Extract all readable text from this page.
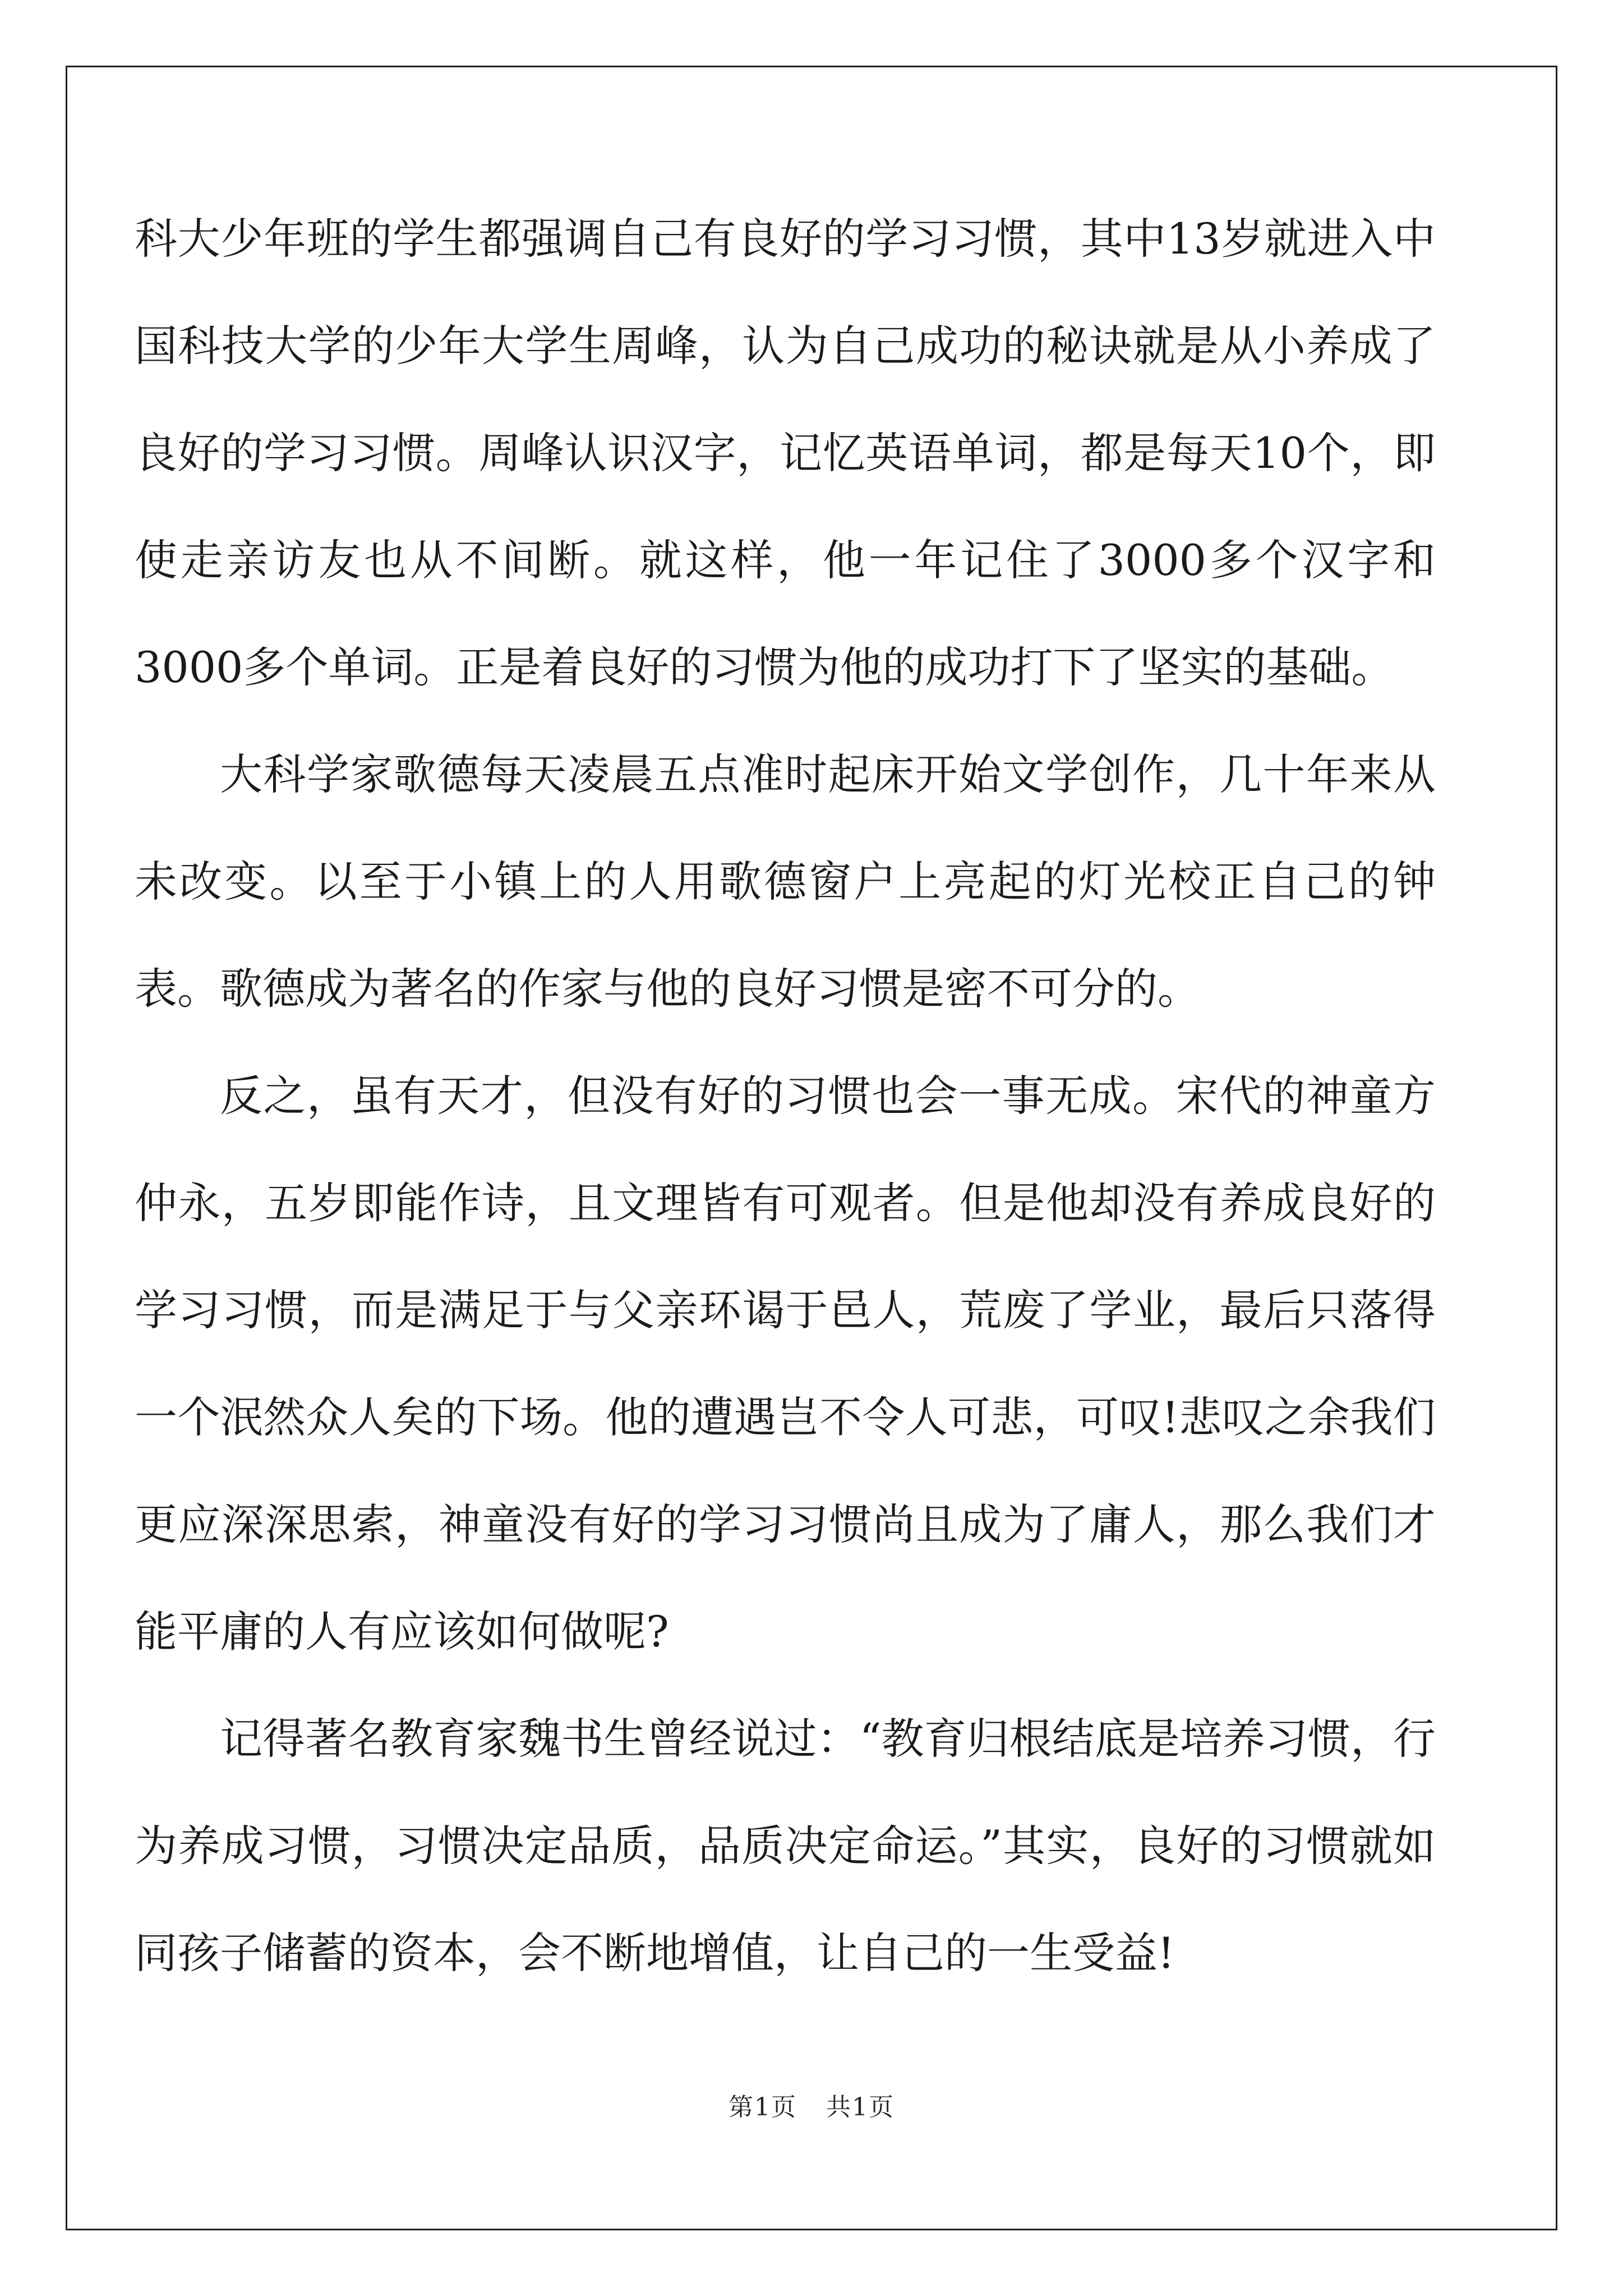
科大少年班的学生都强调自己有良好的学习习惯，其中13岁就进入中国科技大学的少年大学生周峰，认为自己成功的秘诀就是从小养成了良好的学习习惯。周峰认识汉字，记忆英语单词，都是每天10个，即使走亲访友也从不间断。就这样，他一年记住了3000多个汉字和3000多个单词。正是着良好的习惯为他的成功打下了坚实的基础。

大科学家歌德每天凌晨五点准时起床开始文学创作，几十年来从未改变。以至于小镇上的人用歌德窗户上亮起的灯光校正自己的钟表。歌德成为著名的作家与他的良好习惯是密不可分的。

反之，虽有天才，但没有好的习惯也会一事无成。宋代的神童方仲永，五岁即能作诗，且文理皆有可观者。但是他却没有养成良好的学习习惯，而是满足于与父亲环谒于邑人，荒废了学业，最后只落得一个泯然众人矣的下场。他的遭遇岂不令人可悲，可叹!悲叹之余我们更应深深思索，神童没有好的学习习惯尚且成为了庸人，那么我们才能平庸的人有应该如何做呢?

记得著名教育家魏书生曾经说过：“教育归根结底是培养习惯，行为养成习惯，习惯决定品质，品质决定命运。”其实，良好的习惯就如同孩子储蓄的资本，会不断地增值，让自己的一生受益!

第1页 共1页
